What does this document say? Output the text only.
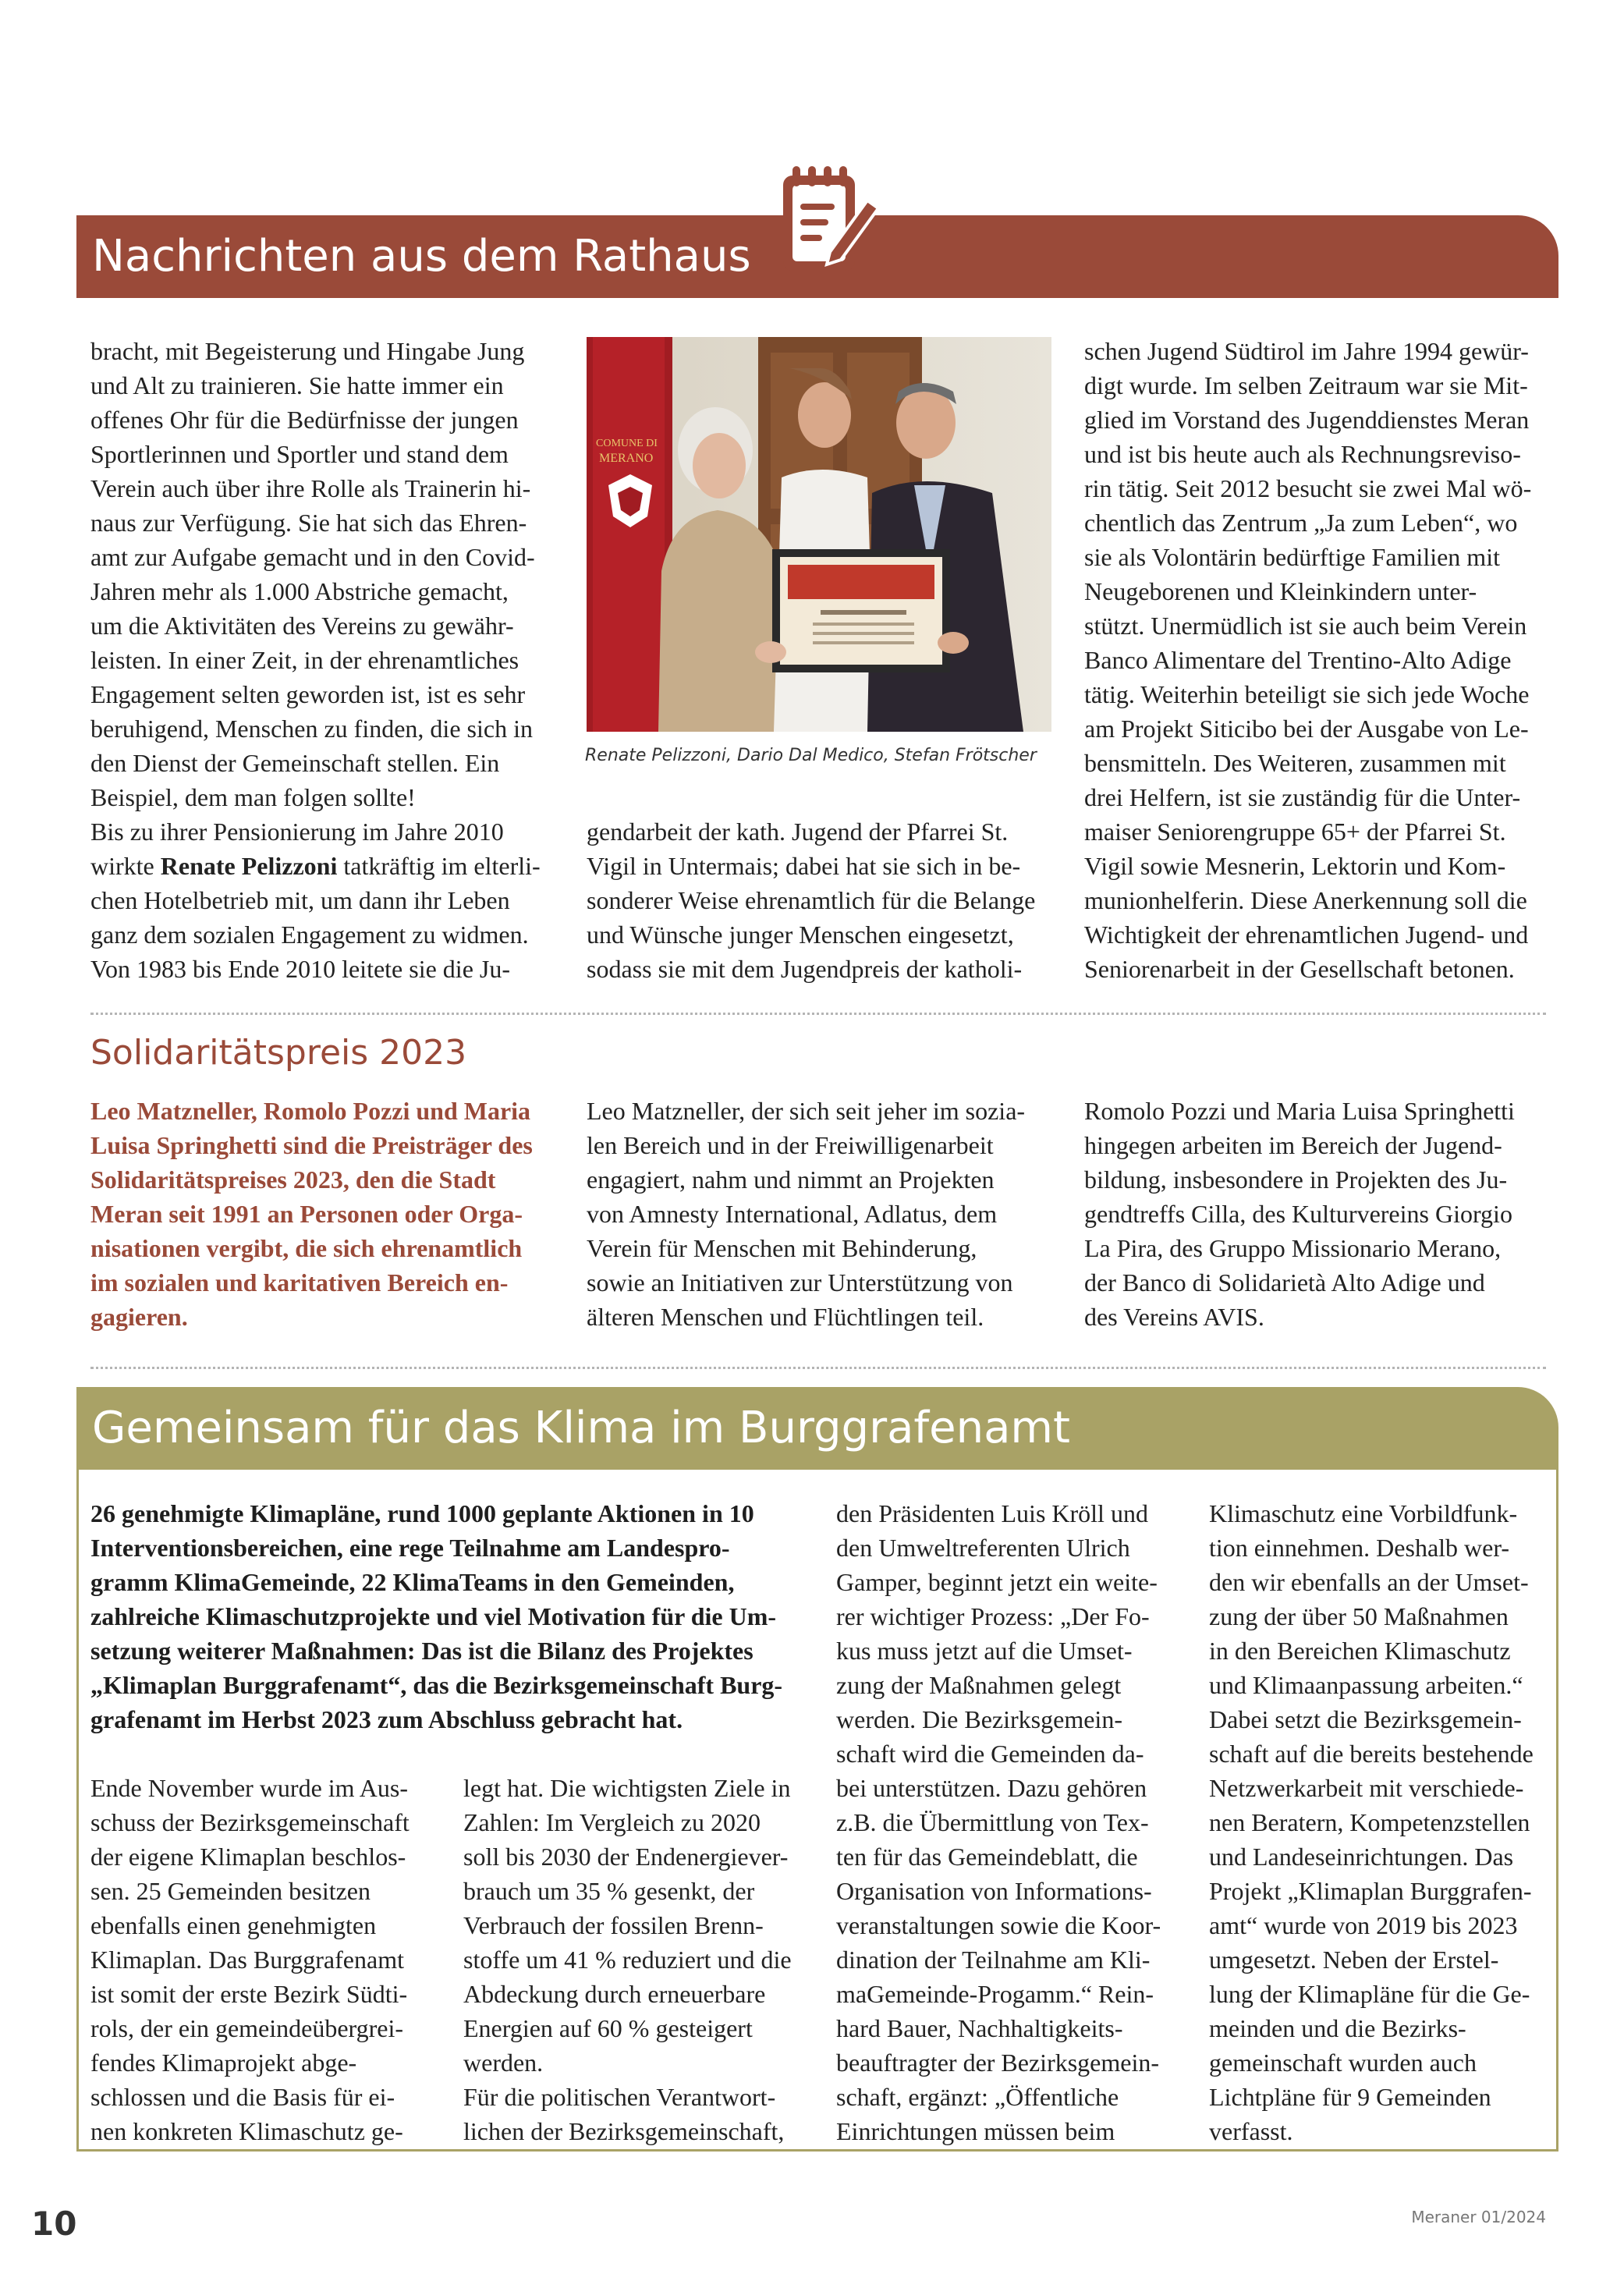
Nachrichten aus dem Rathaus

bracht, mit Begeisterung und Hingabe Jung
und Alt zu trainieren. Sie hatte immer ein
offenes Ohr für die Bedürfnisse der jungen
Sportlerinnen und Sportler und stand dem
Verein auch über ihre Rolle als Trainerin hi-
naus zur Verfügung. Sie hat sich das Ehren-
amt zur Aufgabe gemacht und in den Covid-
Jahren mehr als 1.000 Abstriche gemacht,
um die Aktivitäten des Vereins zu gewähr-
leisten. In einer Zeit, in der ehrenamtliches
Engagement selten geworden ist, ist es sehr
beruhigend, Menschen zu finden, die sich in
den Dienst der Gemeinschaft stellen. Ein
Beispiel, dem man folgen sollte!

Bis zu ihrer Pensionierung im Jahre 2010
wirkte Renate Pelizzoni tatkräftig im elterli-
chen Hotelbetrieb mit, um dann ihr Leben
ganz dem sozialen Engagement zu widmen.
Von 1983 bis Ende 2010 leitete sie die Ju-

COMUNE DI
MERANO
Renate Pelizzoni, Dario Dal Medico, Stefan Frötscher

gendarbeit der kath. Jugend der Pfarrei St.
Vigil in Untermais; dabei hat sie sich in be-
sonderer Weise ehrenamtlich für die Belange
und Wünsche junger Menschen eingesetzt,
sodass sie mit dem Jugendpreis der katholi-

schen Jugend Südtirol im Jahre 1994 gewür-
digt wurde. Im selben Zeitraum war sie Mit-
glied im Vorstand des Jugenddienstes Meran
und ist bis heute auch als Rechnungsreviso-
rin tätig. Seit 2012 besucht sie zwei Mal wö-
chentlich das Zentrum „Ja zum Leben“, wo
sie als Volontärin bedürftige Familien mit
Neugeborenen und Kleinkindern unter-
stützt. Unermüdlich ist sie auch beim Verein
Banco Alimentare del Trentino-Alto Adige
tätig. Weiterhin beteiligt sie sich jede Woche
am Projekt Siticibo bei der Ausgabe von Le-
bensmitteln. Des Weiteren, zusammen mit
drei Helfern, ist sie zuständig für die Unter-
maiser Seniorengruppe 65+ der Pfarrei St.
Vigil sowie Mesnerin, Lektorin und Kom-
munionhelferin. Diese Anerkennung soll die
Wichtigkeit der ehrenamtlichen Jugend- und
Seniorenarbeit in der Gesellschaft betonen.

Solidaritätspreis 2023

Leo Matzneller, Romolo Pozzi und Maria
Luisa Springhetti sind die Preisträger des
Solidaritätspreises 2023, den die Stadt
Meran seit 1991 an Personen oder Orga-
nisationen vergibt, die sich ehrenamtlich
im sozialen und karitativen Bereich en-
gagieren.

Leo Matzneller, der sich seit jeher im sozia-
len Bereich und in der Freiwilligenarbeit
engagiert, nahm und nimmt an Projekten
von Amnesty International, Adlatus, dem
Verein für Menschen mit Behinderung,
sowie an Initiativen zur Unterstützung von
älteren Menschen und Flüchtlingen teil.

Romolo Pozzi und Maria Luisa Springhetti
hingegen arbeiten im Bereich der Jugend-
bildung, insbesondere in Projekten des Ju-
gendtreffs Cilla, des Kulturvereins Giorgio
La Pira, des Gruppo Missionario Merano,
der Banco di Solidarietà Alto Adige und
des Vereins AVIS.

Gemeinsam für das Klima im Burggrafenamt

26 genehmigte Klimapläne, rund 1000 geplante Aktionen in 10
Interventionsbereichen, eine rege Teilnahme am Landespro-
gramm KlimaGemeinde, 22 KlimaTeams in den Gemeinden,
zahlreiche Klimaschutzprojekte und viel Motivation für die Um-
setzung weiterer Maßnahmen: Das ist die Bilanz des Projektes
„Klimaplan Burggrafenamt“, das die Bezirksgemeinschaft Burg-
grafenamt im Herbst 2023 zum Abschluss gebracht hat.

Ende November wurde im Aus-
schuss der Bezirksgemeinschaft
der eigene Klimaplan beschlos-
sen. 25 Gemeinden besitzen
ebenfalls einen genehmigten
Klimaplan. Das Burggrafenamt
ist somit der erste Bezirk Südti-
rols, der ein gemeindeübergrei-
fendes Klimaprojekt abge-
schlossen und die Basis für ei-
nen konkreten Klimaschutz ge-

legt hat. Die wichtigsten Ziele in
Zahlen: Im Vergleich zu 2020
soll bis 2030 der Endenergiever-
brauch um 35 % gesenkt, der
Verbrauch der fossilen Brenn-
stoffe um 41 % reduziert und die
Abdeckung durch erneuerbare
Energien auf 60 % gesteigert
werden.
Für die politischen Verantwort-
lichen der Bezirksgemeinschaft,

den Präsidenten Luis Kröll und
den Umweltreferenten Ulrich
Gamper, beginnt jetzt ein weite-
rer wichtiger Prozess: „Der Fo-
kus muss jetzt auf die Umset-
zung der Maßnahmen gelegt
werden. Die Bezirksgemein-
schaft wird die Gemeinden da-
bei unterstützen. Dazu gehören
z.B. die Übermittlung von Tex-
ten für das Gemeindeblatt, die
Organisation von Informations-
veranstaltungen sowie die Koor-
dination der Teilnahme am Kli-
maGemeinde-Progamm.“ Rein-
hard Bauer, Nachhaltigkeits-
beauftragter der Bezirksgemein-
schaft, ergänzt: „Öffentliche
Einrichtungen müssen beim

Klimaschutz eine Vorbildfunk-
tion einnehmen. Deshalb wer-
den wir ebenfalls an der Umset-
zung der über 50 Maßnahmen
in den Bereichen Klimaschutz
und Klimaanpassung arbeiten.“
Dabei setzt die Bezirksgemein-
schaft auf die bereits bestehende
Netzwerkarbeit mit verschiede-
nen Beratern, Kompetenzstellen
und Landeseinrichtungen. Das
Projekt „Klimaplan Burggrafen-
amt“ wurde von 2019 bis 2023
umgesetzt. Neben der Erstel-
lung der Klimapläne für die Ge-
meinden und die Bezirks-
gemeinschaft wurden auch
Lichtpläne für 9 Gemeinden
verfasst.

10	Meraner 01/2024
